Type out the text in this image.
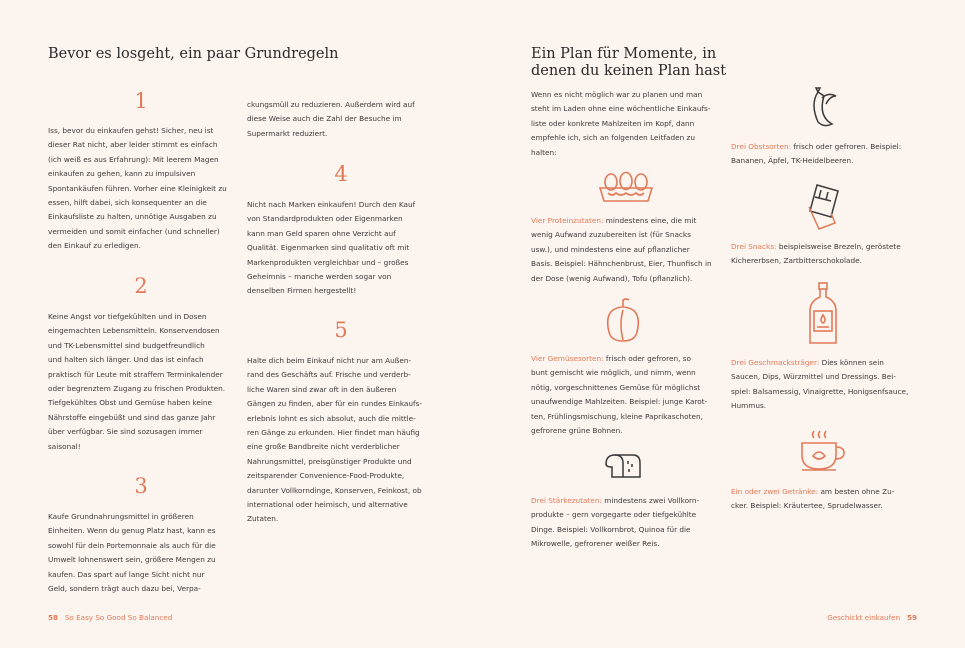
Bevor es losgeht, ein paar Grundregeln
1
Iss, bevor du einkaufen gehst! Sicher, neu ist
dieser Rat nicht, aber leider stimmt es einfach
(ich weiß es aus Erfahrung): Mit leerem Magen
einkaufen zu gehen, kann zu impulsiven
Spontankäufen führen. Vorher eine Kleinigkeit zu
essen, hilft dabei, sich konsequenter an die
Einkaufsliste zu halten, unnötige Ausgaben zu
vermeiden und somit einfacher (und schneller)
den Einkauf zu erledigen.
2
Keine Angst vor tiefgekühlten und in Dosen
eingemachten Lebensmitteln. Konservendosen
und TK-Lebensmittel sind budgetfreundlich
und halten sich länger. Und das ist einfach
praktisch für Leute mit straffem Terminkalender
oder begrenztem Zugang zu frischen Produkten.
Tiefgekühltes Obst und Gemüse haben keine
Nährstoffe eingebüßt und sind das ganze Jahr
über verfügbar. Sie sind sozusagen immer
saisonal!
3
Kaufe Grundnahrungsmittel in größeren
Einheiten. Wenn du genug Platz hast, kann es
sowohl für dein Portemonnaie als auch für die
Umwelt lohnenswert sein, größere Mengen zu
kaufen. Das spart auf lange Sicht nicht nur
Geld, sondern trägt auch dazu bei, Verpa-
ckungsmüll zu reduzieren. Außerdem wird auf
diese Weise auch die Zahl der Besuche im
Supermarkt reduziert.
4
Nicht nach Marken einkaufen! Durch den Kauf
von Standardprodukten oder Eigenmarken
kann man Geld sparen ohne Verzicht auf
Qualität. Eigenmarken sind qualitativ oft mit
Markenprodukten vergleichbar und – großes
Geheimnis – manche werden sogar von
denselben Firmen hergestellt!
5
Halte dich beim Einkauf nicht nur am Außen-
rand des Geschäfts auf. Frische und verderb-
liche Waren sind zwar oft in den äußeren
Gängen zu finden, aber für ein rundes Einkaufs-
erlebnis lohnt es sich absolut, auch die mittle-
ren Gänge zu erkunden. Hier findet man häufig
eine große Bandbreite nicht verderblicher
Nahrungsmittel, preisgünstiger Produkte und
zeitsparender Convenience-Food-Produkte,
darunter Vollkorndinge, Konserven, Feinkost, ob
international oder heimisch, und alternative
Zutaten.
58 So Easy So Good So Balanced
Ein Plan für Momente, in
denen du keinen Plan hast
Wenn es nicht möglich war zu planen und man
steht im Laden ohne eine wöchentliche Einkaufs-
liste oder konkrete Mahlzeiten im Kopf, dann
empfehle ich, sich an folgenden Leitfaden zu
halten:
Vier Proteinzutaten: mindestens eine, die mit
wenig Aufwand zuzubereiten ist (für Snacks
usw.), und mindestens eine auf pflanzlicher
Basis. Beispiel: Hähnchenbrust, Eier, Thunfisch in
der Dose (wenig Aufwand), Tofu (pflanzlich).
Vier Gemüsesorten: frisch oder gefroren, so
bunt gemischt wie möglich, und nimm, wenn
nötig, vorgeschnittenes Gemüse für möglichst
unaufwendige Mahlzeiten. Beispiel: junge Karot-
ten, Frühlingsmischung, kleine Paprikaschoten,
gefrorene grüne Bohnen.
Drei Stärkezutaten: mindestens zwei Vollkorn-
produkte – gern vorgegarte oder tiefgekühlte
Dinge. Beispiel: Vollkornbrot, Quinoa für die
Mikrowelle, gefrorener weißer Reis.
Drei Obstsorten: frisch oder gefroren. Beispiel:
Bananen, Äpfel, TK-Heidelbeeren.
Drei Snacks: beispielsweise Brezeln, geröstete
Kichererbsen, Zartbitterschokolade.
Drei Geschmacksträger: Dies können sein
Saucen, Dips, Würzmittel und Dressings. Bei-
spiel: Balsamessig, Vinaigrette, Honigsenfsauce,
Hummus.
Ein oder zwei Getränke: am besten ohne Zu-
cker. Beispiel: Kräutertee, Sprudelwasser.
Geschickt einkaufen 59
